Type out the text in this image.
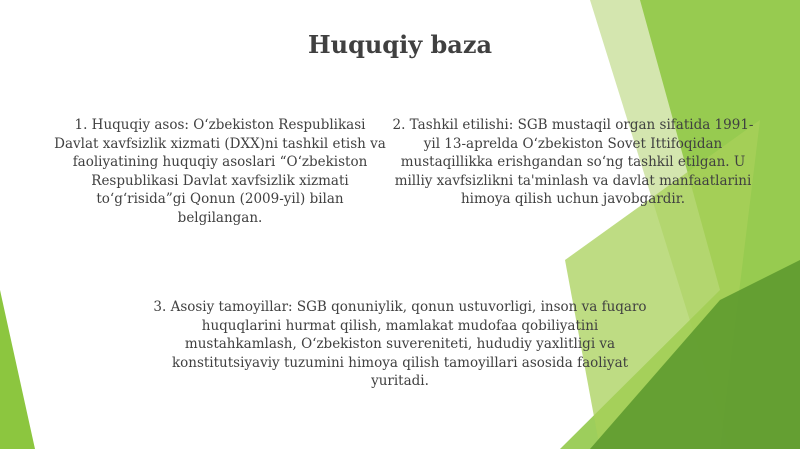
Huquqiy baza

1. Huquqiy asos: O‘zbekiston Respublikasi Davlat xavfsizlik xizmati (DXX)ni tashkil etish va faoliyatining huquqiy asoslari “O‘zbekiston Respublikasi Davlat xavfsizlik xizmati to‘g‘risida”gi Qonun (2009-yil) bilan belgilangan.

2. Tashkil etilishi: SGB mustaqil organ sifatida 1991-yil 13-aprelda O‘zbekiston Sovet Ittifoqidan mustaqillikka erishgandan so‘ng tashkil etilgan. U milliy xavfsizlikni ta'minlash va davlat manfaatlarini himoya qilish uchun javobgardir.

3. Asosiy tamoyillar: SGB qonuniylik, qonun ustuvorligi, inson va fuqaro huquqlarini hurmat qilish, mamlakat mudofaa qobiliyatini mustahkamlash, O‘zbekiston suvereniteti, hududiy yaxlitligi va konstitutsiyaviy tuzumini himoya qilish tamoyillari asosida faoliyat yuritadi.
